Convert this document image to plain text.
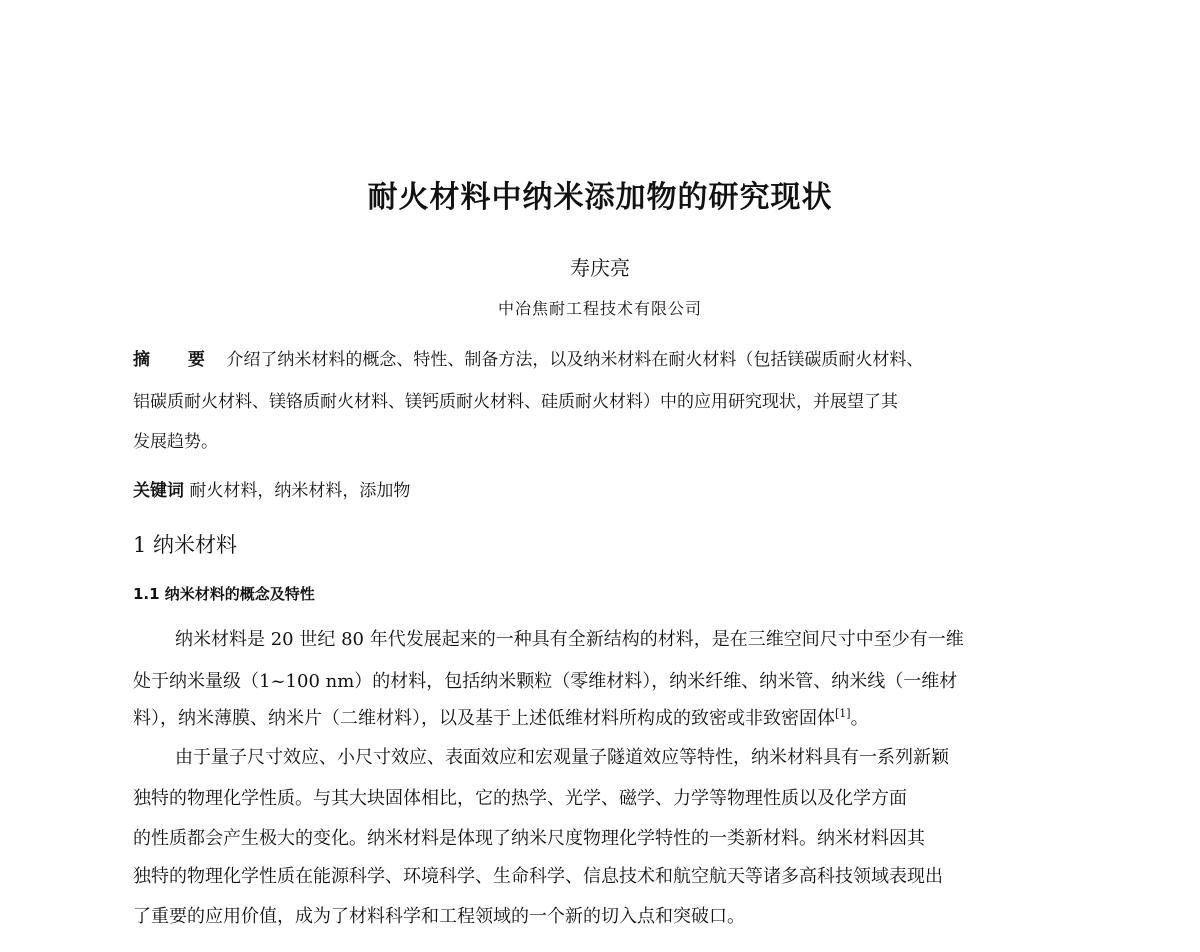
耐火材料中纳米添加物的研究现状
寿庆亮
中冶焦耐工程技术有限公司
摘 要 介绍了纳米材料的概念、特性、制备方法，以及纳米材料在耐火材料（包括镁碳质耐火材料、
铝碳质耐火材料、镁铬质耐火材料、镁钙质耐火材料、硅质耐火材料）中的应用研究现状，并展望了其
发展趋势。
关键词 耐火材料，纳米材料，添加物
1 纳米材料
1.1 纳米材料的概念及特性
纳米材料是 20 世纪 80 年代发展起来的一种具有全新结构的材料，是在三维空间尺寸中至少有一维
处于纳米量级（1~100 nm）的材料，包括纳米颗粒（零维材料），纳米纤维、纳米管、纳米线（一维材
料），纳米薄膜、纳米片（二维材料），以及基于上述低维材料所构成的致密或非致密固体[1]。
由于量子尺寸效应、小尺寸效应、表面效应和宏观量子隧道效应等特性，纳米材料具有一系列新颖
独特的物理化学性质。与其大块固体相比，它的热学、光学、磁学、力学等物理性质以及化学方面
的性质都会产生极大的变化。纳米材料是体现了纳米尺度物理化学特性的一类新材料。纳米材料因其
独特的物理化学性质在能源科学、环境科学、生命科学、信息技术和航空航天等诸多高科技领域表现出
了重要的应用价值，成为了材料科学和工程领域的一个新的切入点和突破口。
